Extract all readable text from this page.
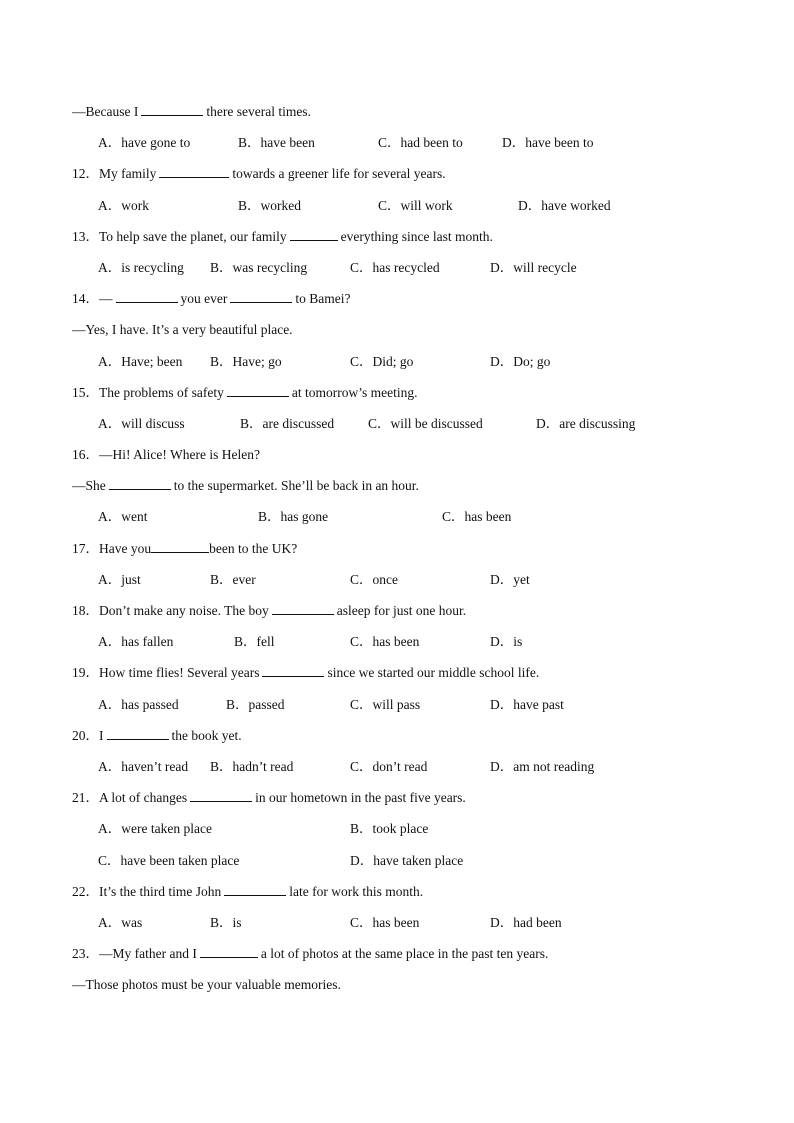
—Because I	there several times.
A．have gone to	B．have been	C．had been to	D．have been to
12．My family	towards a greener life for several years.
A．work	B．worked	C．will work	D．have worked
13．To help save the planet, our family	everything since last month.
A．is recycling B．was recycling	C．has recycled	D．will recycle
14．—	you ever	to Bamei?
—Yes, I have. It’s a very beautiful place.
A．Have; been B．Have; go	C．Did; go	D．Do; go
15．The problems of safety	at tomorrow’s meeting.
A．will discuss	B．are discussed	C．will be discussed	D．are discussing
16．—Hi! Alice! Where is Helen?
—She	to the supermarket. She’ll be back in an hour.
A．went	B．has gone	C．has been
17．Have you	been to the UK?
A．just	B．ever	C．once	D．yet
18．Don’t make any noise. The boy	asleep for just one hour.
A．has fallen	B．fell	C．has been	D．is
19．How time flies! Several years	since we started our middle school life.
A．has passed	B．passed	C．will pass	D．have past
20．I	the book yet.
A．haven’t read B．hadn’t read	C．don’t read	D．am not reading
21．A lot of changes	in our hometown in the past five years.
A．were taken place	B．took place
C．have been taken place	D．have taken place
22．It’s the third time John	late for work this month.
A．was	B．is	C．has been	D．had been
23．—My father and I	a lot of photos at the same place in the past ten years.
—Those photos must be your valuable memories.
